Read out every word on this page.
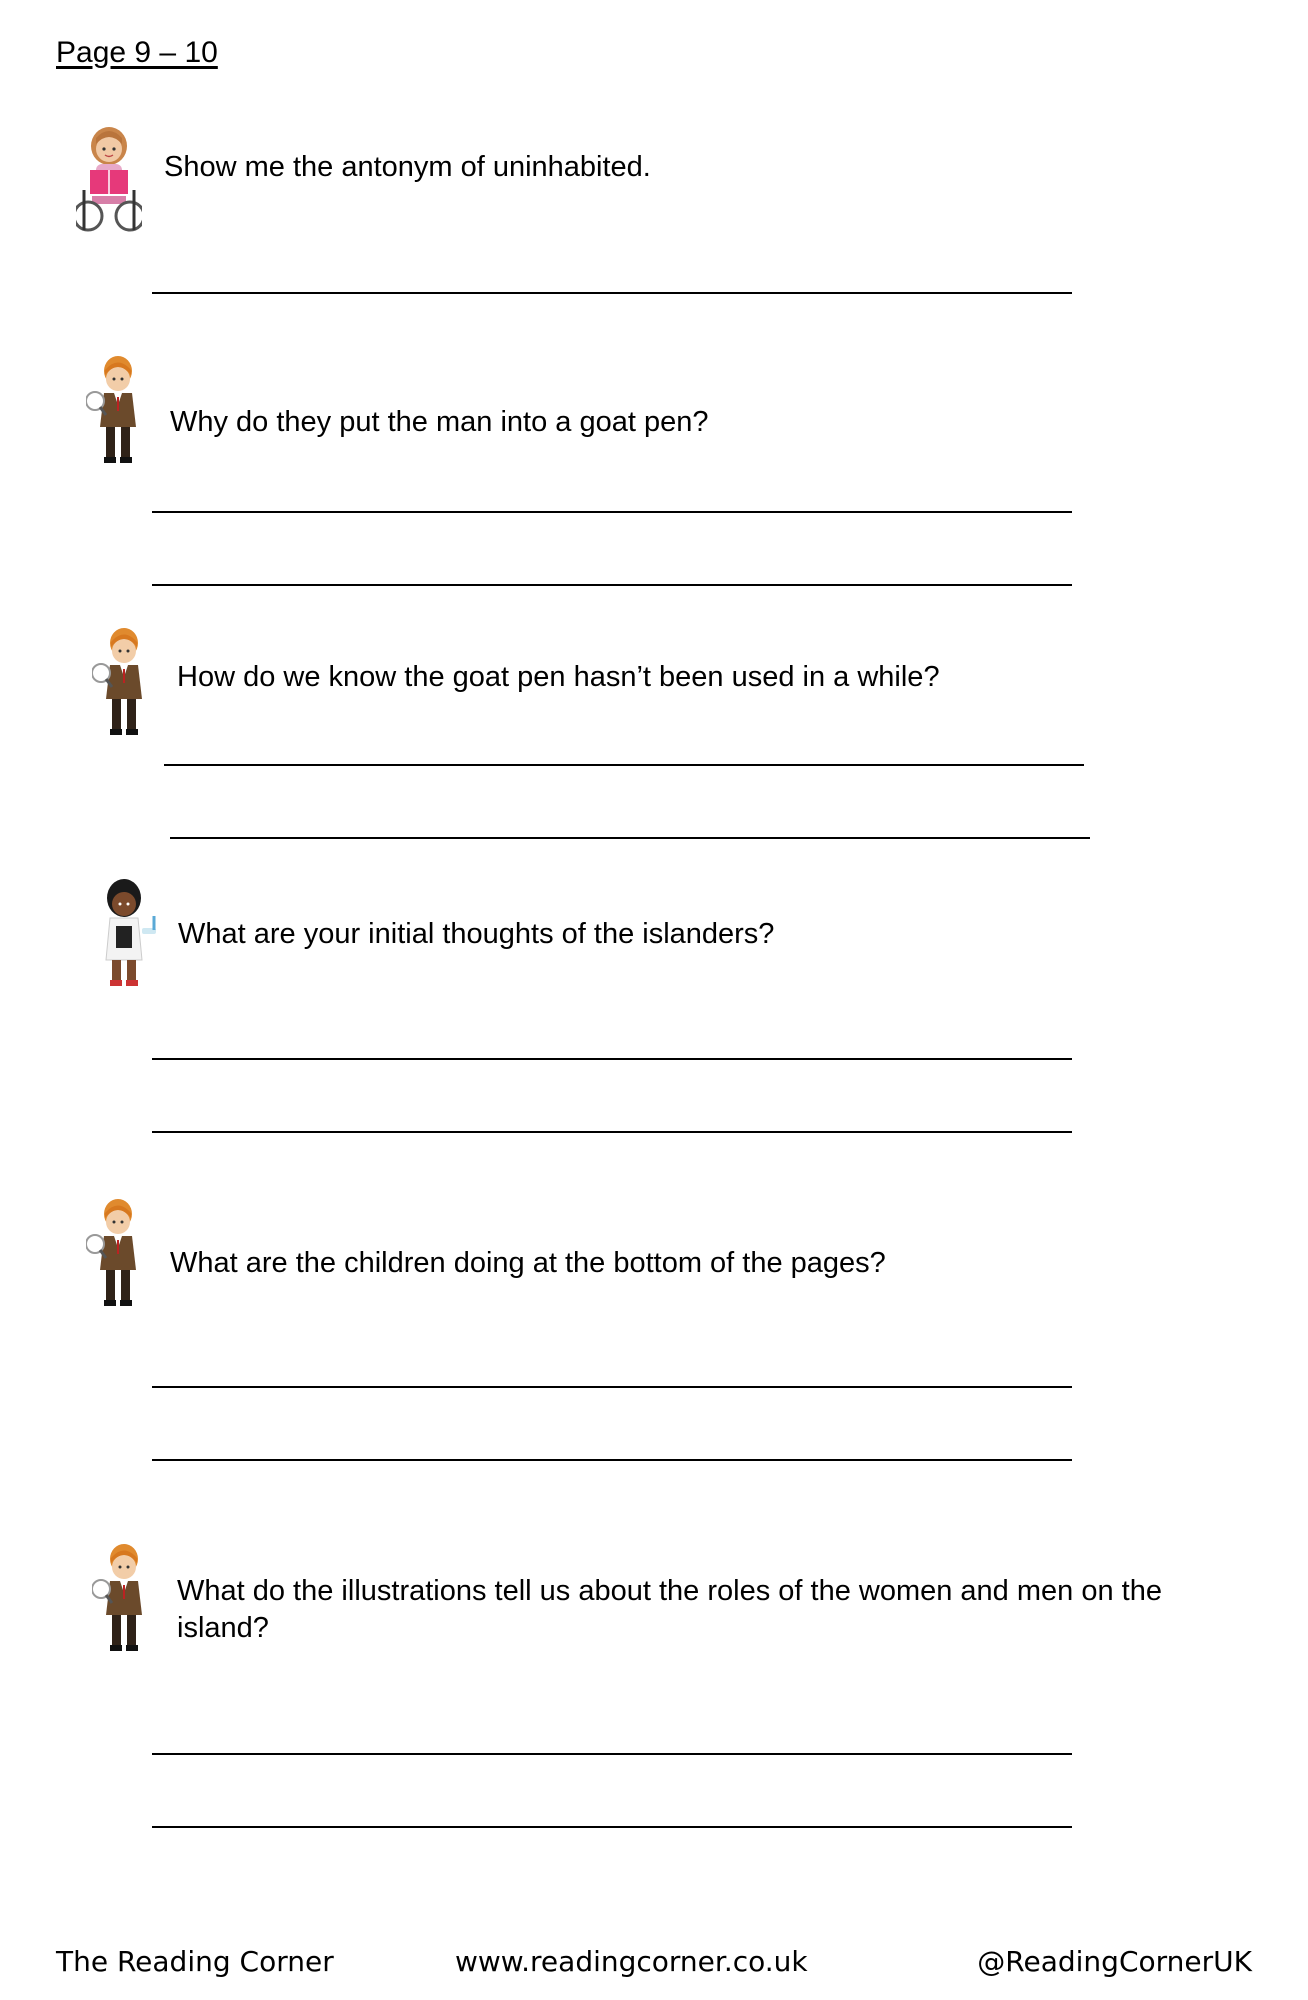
Page 9 – 10
Show me the antonym of uninhabited.
Why do they put the man into a goat pen?
How do we know the goat pen hasn’t been used in a while?
What are your initial thoughts of the islanders?
What are the children doing at the bottom of the pages?
What do the illustrations tell us about the roles of the women and men on the island?
The Reading Corner	www.readingcorner.co.uk	@ReadingCornerUK
